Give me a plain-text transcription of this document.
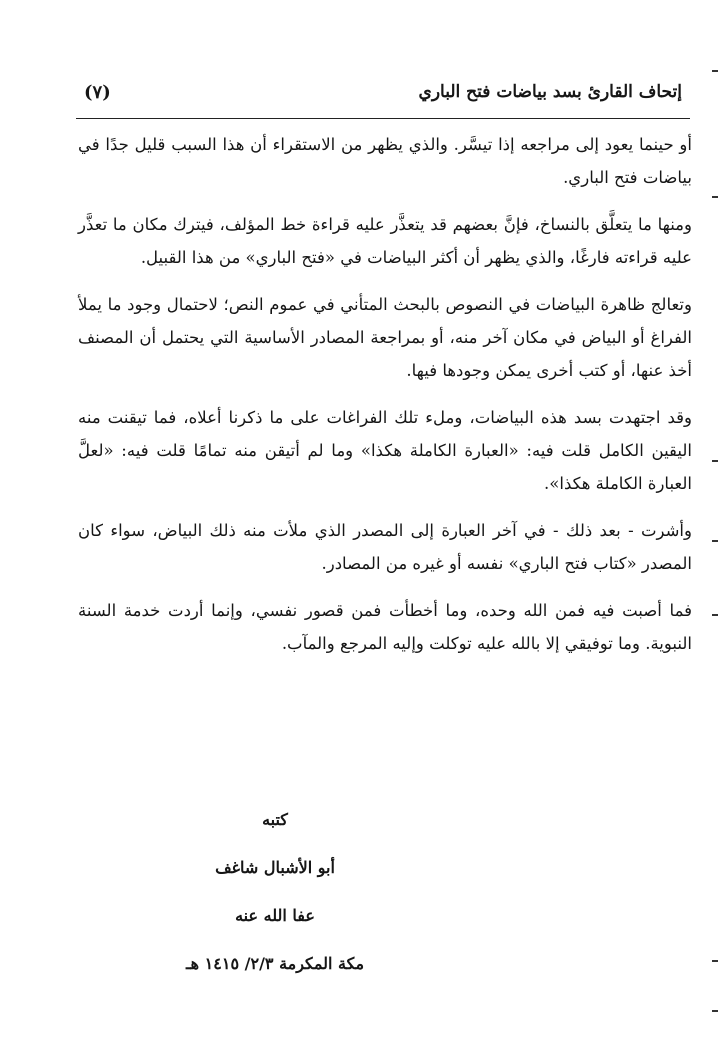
إتحاف القارئ بسد بياضات فتح الباري
(٧)

أو حينما يعود إلى مراجعه إذا تيسَّر. والذي يظهر من الاستقراء أن هذا السبب قليل جدًا في بياضات فتح الباري.

ومنها ما يتعلَّق بالنساخ، فإنَّ بعضهم قد يتعذَّر عليه قراءة خط المؤلف، فيترك مكان ما تعذَّر عليه قراءته فارغًا، والذي يظهر أن أكثر البياضات في «فتح الباري» من هذا القبيل.

وتعالج ظاهرة البياضات في النصوص بالبحث المتأني في عموم النص؛ لاحتمال وجود ما يملأ الفراغ أو البياض في مكان آخر منه، أو بمراجعة المصادر الأساسية التي يحتمل أن المصنف أخذ عنها، أو كتب أخرى يمكن وجودها فيها.

وقد اجتهدت بسد هذه البياضات، وملء تلك الفراغات على ما ذكرنا أعلاه، فما تيقنت منه اليقين الكامل قلت فيه: «العبارة الكاملة هكذا» وما لم أتيقن منه تمامًا قلت فيه: «لعلَّ العبارة الكاملة هكذا».

وأشرت - بعد ذلك - في آخر العبارة إلى المصدر الذي ملأت منه ذلك البياض، سواء كان المصدر «كتاب فتح الباري» نفسه أو غيره من المصادر.

فما أصبت فيه فمن الله وحده، وما أخطأت فمن قصور نفسي، وإنما أردت خدمة السنة النبوية. وما توفيقي إلا بالله عليه توكلت وإليه المرجع والمآب.

كتبه
أبو الأشبال شاغف
عفا الله عنه
مكة المكرمة ٢/٣/ ١٤١٥ هـ
